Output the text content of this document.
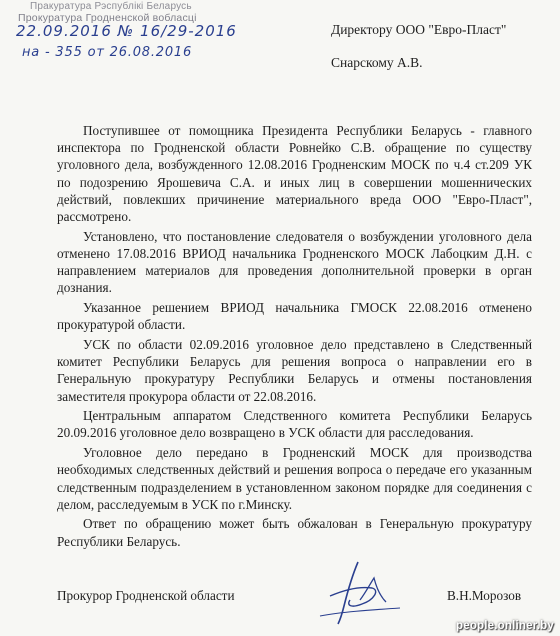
Пракуратура Рэспублікі Беларусь
Прокуратура Гродненской вобласці
22.09.2016 № 16/29-2016
на - 355 от 26.08.2016
Директору ООО "Евро-Пласт"
Снарскому А.В.

Поступившее от помощника Президента Республики Беларусь - главного инспектора по Гродненской области Ровнейко С.В. обращение по существу уголовного дела, возбужденного 12.08.2016 Гродненским МОСК по ч.4 ст.209 УК по подозрению Ярошевича С.А. и иных лиц в совершении мошеннических действий, повлекших причинение материального вреда ООО "Евро-Пласт", рассмотрено.

Установлено, что постановление следователя о возбуждении уголовного дела отменено 17.08.2016 ВРИОД начальника Гродненского МОСК Лабоцким Д.Н. с направлением материалов для проведения дополнительной проверки в орган дознания.

Указанное решением ВРИОД начальника ГМОСК 22.08.2016 отменено прокуратурой области.

УСК по области 02.09.2016 уголовное дело представлено в Следственный комитет Республики Беларусь для решения вопроса о направлении его в Генеральную прокуратуру Республики Беларусь и отмены постановления заместителя прокурора области от 22.08.2016.

Центральным аппаратом Следственного комитета Республики Беларусь 20.09.2016 уголовное дело возвращено в УСК области для расследования.

Уголовное дело передано в Гродненский МОСК для производства необходимых следственных действий и решения вопроса о передаче его указанным следственным подразделением в установленном законом порядке для соединения с делом, расследуемым в УСК по г.Минску.

Ответ по обращению может быть обжалован в Генеральную прокуратуру Республики Беларусь.

Прокурор Гродненской области	В.Н.Морозов
people.onliner.by
